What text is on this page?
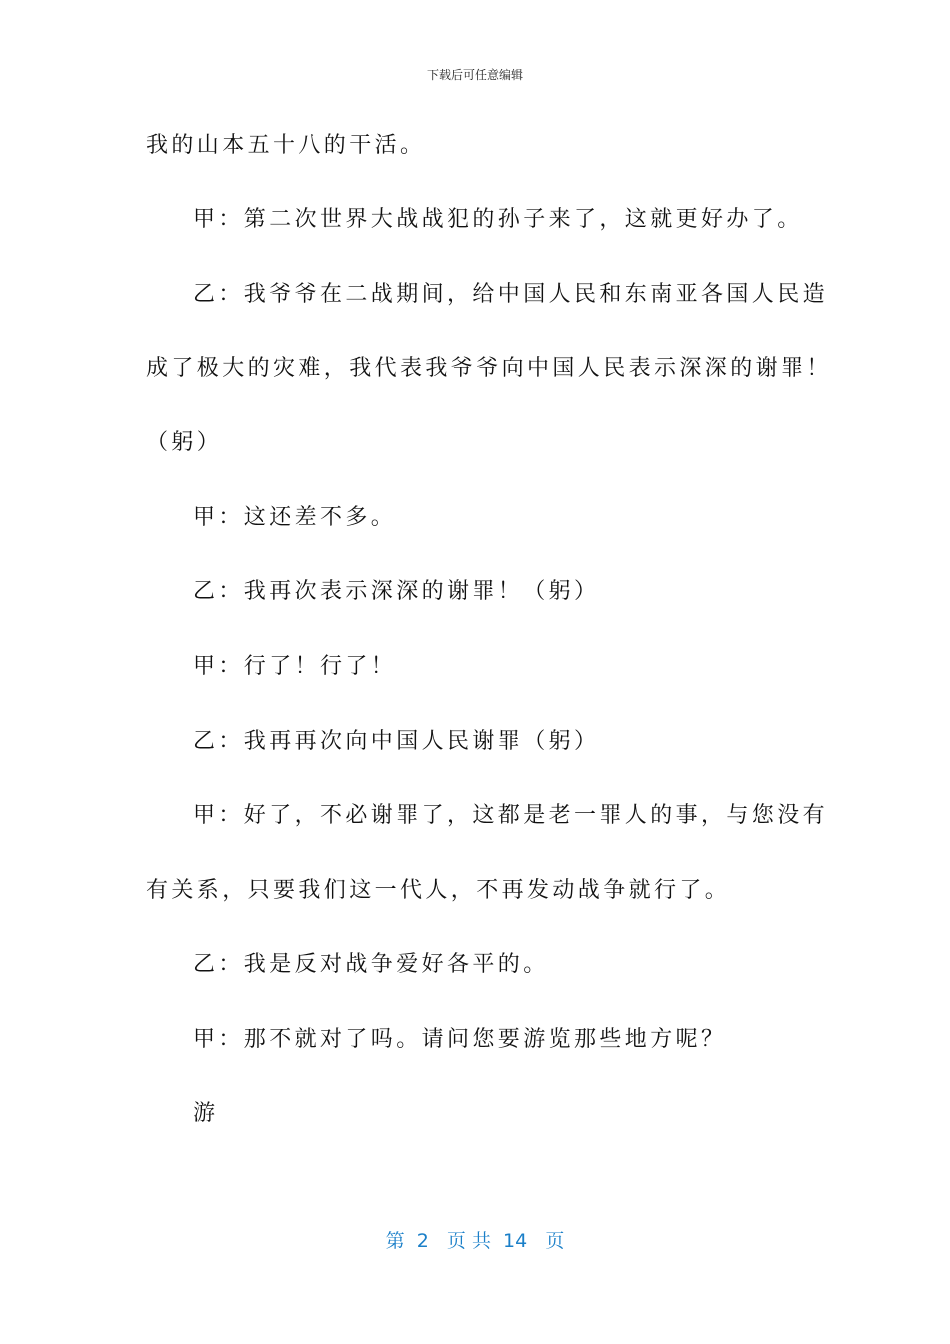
下载后可任意编辑
我的山本五十八的干活。
甲：第二次世界大战战犯的孙子来了，这就更好办了。
乙：我爷爷在二战期间，给中国人民和东南亚各国人民造
成了极大的灾难，我代表我爷爷向中国人民表示深深的谢罪！
（躬）
甲：这还差不多。
乙：我再次表示深深的谢罪！（躬）
甲：行了！行了！
乙：我再再次向中国人民谢罪（躬）
甲：好了，不必谢罪了，这都是老一罪人的事，与您没有
有关系，只要我们这一代人，不再发动战争就行了。
乙：我是反对战争爱好各平的。
甲：那不就对了吗。请问您要游览那些地方呢？
游
第  2   页 共  14   页
